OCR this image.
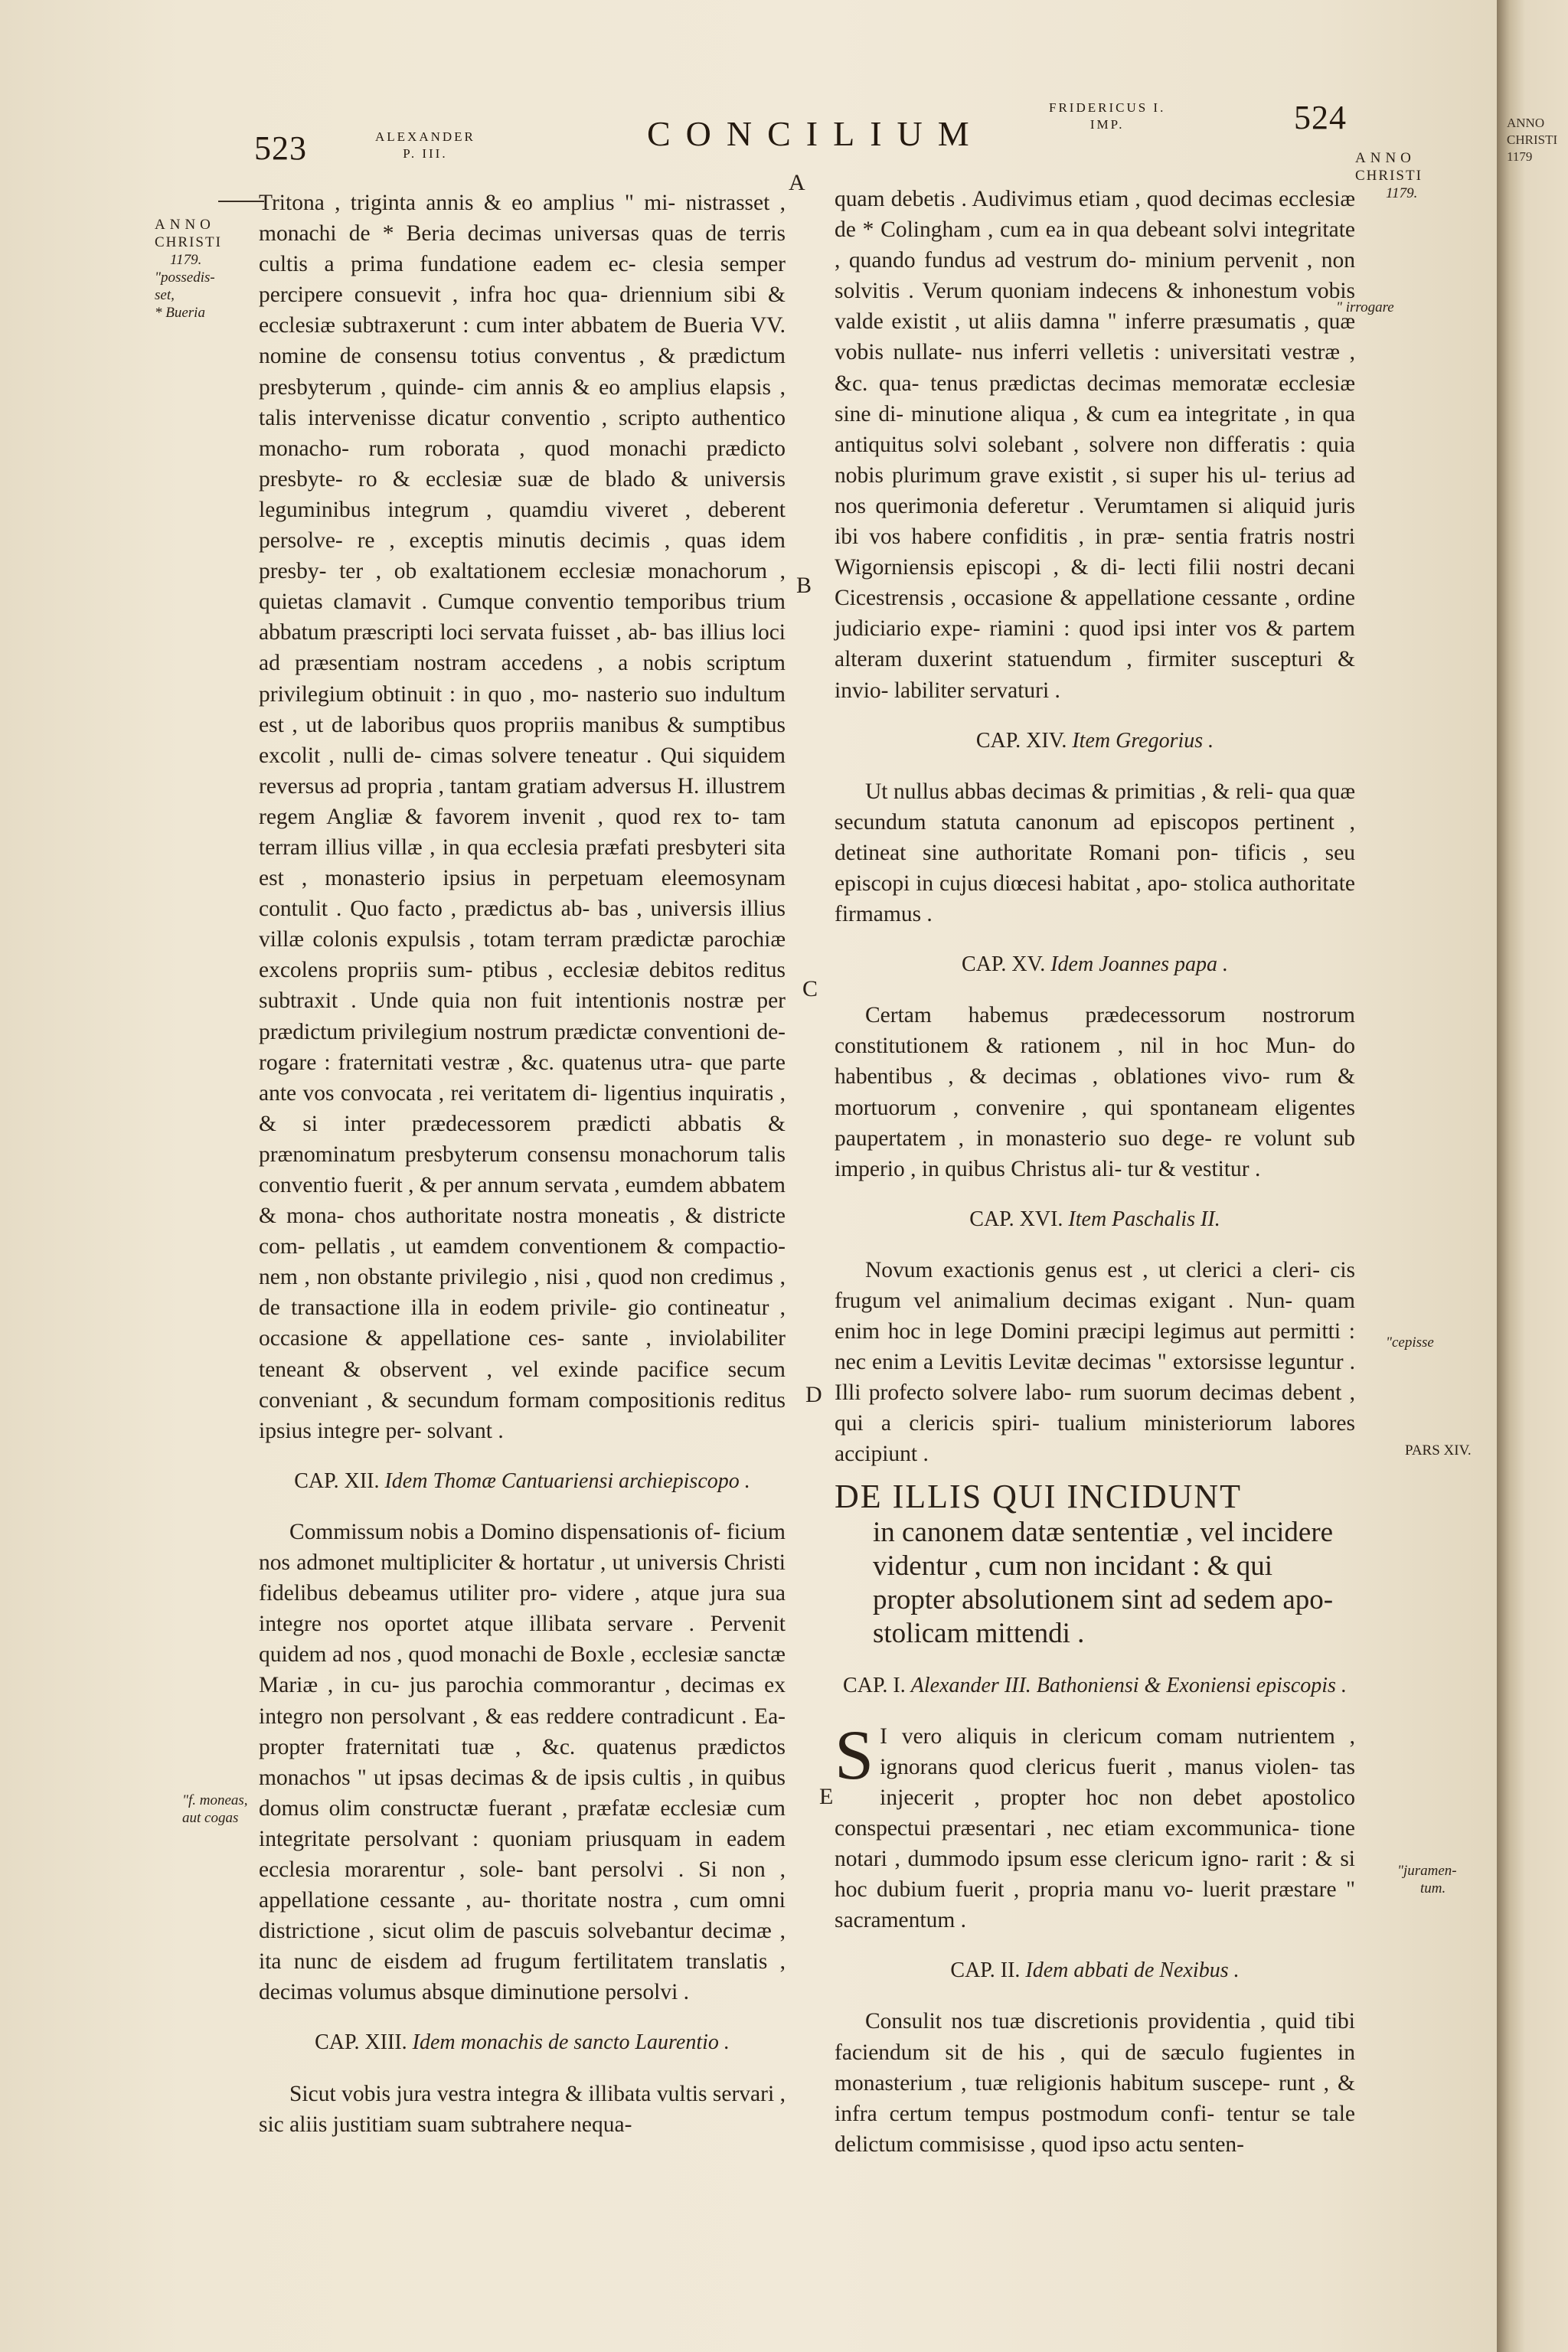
ANNO
CHRISTI
1179
523	ALEXANDER
P. III.
CONCILIUM
FRIDERICUS I.
IMP.	524
ANNO
CHRISTI
1179.
"possedis-
set,
* Bueria
"f. moneas,
aut cogas
ANNO
CHRISTI
1179.
" irrogare
"cepisse
PARS XIV.
"juramen-
tum.
A
B
C
D
E

Tritona , triginta annis & eo amplius " mi- nistrasset , monachi de * Beria decimas universas quas de terris cultis a prima fundatione eadem ec- clesia semper percipere consuevit , infra hoc qua- driennium sibi & ecclesiæ subtraxerunt : cum inter abbatem de Bueria VV. nomine de consensu totius conventus , & prædictum presbyterum , quinde- cim annis & eo amplius elapsis , talis intervenisse dicatur conventio , scripto authentico monacho- rum roborata , quod monachi prædicto presbyte- ro & ecclesiæ suæ de blado & universis leguminibus integrum , quamdiu viveret , deberent persolve- re , exceptis minutis decimis , quas idem presby- ter , ob exaltationem ecclesiæ monachorum , quietas clamavit . Cumque conventio temporibus trium abbatum præscripti loci servata fuisset , ab- bas illius loci ad præsentiam nostram accedens , a nobis scriptum privilegium obtinuit : in quo , mo- nasterio suo indultum est , ut de laboribus quos propriis manibus & sumptibus excolit , nulli de- cimas solvere teneatur . Qui siquidem reversus ad propria , tantam gratiam adversus H. illustrem regem Angliæ & favorem invenit , quod rex to- tam terram illius villæ , in qua ecclesia præfati presbyteri sita est , monasterio ipsius in perpetuam eleemosynam contulit . Quo facto , prædictus ab- bas , universis illius villæ colonis expulsis , totam terram prædictæ parochiæ excolens propriis sum- ptibus , ecclesiæ debitos reditus subtraxit . Unde quia non fuit intentionis nostræ per prædictum privilegium nostrum prædictæ conventioni de- rogare : fraternitati vestræ , &c. quatenus utra- que parte ante vos convocata , rei veritatem di- ligentius inquiratis , & si inter prædecessorem prædicti abbatis & prænominatum presbyterum consensu monachorum talis conventio fuerit , & per annum servata , eumdem abbatem & mona- chos authoritate nostra moneatis , & districte com- pellatis , ut eamdem conventionem & compactio- nem , non obstante privilegio , nisi , quod non credimus , de transactione illa in eodem privile- gio contineatur , occasione & appellatione ces- sante , inviolabiliter teneant & observent , vel exinde pacifice secum conveniant , & secundum formam compositionis reditus ipsius integre per- solvant .

CAP. XII. Idem Thomæ Cantuariensi archiepiscopo .

Commissum nobis a Domino dispensationis of- ficium nos admonet multipliciter & hortatur , ut universis Christi fidelibus debeamus utiliter pro- videre , atque jura sua integre nos oportet atque illibata servare . Pervenit quidem ad nos , quod monachi de Boxle , ecclesiæ sanctæ Mariæ , in cu- jus parochia commorantur , decimas ex integro non persolvant , & eas reddere contradicunt . Ea- propter fraternitati tuæ , &c. quatenus prædictos monachos " ut ipsas decimas & de ipsis cultis , in quibus domus olim constructæ fuerant , præfatæ ecclesiæ cum integritate persolvant : quoniam priusquam in eadem ecclesia morarentur , sole- bant persolvi . Si non , appellatione cessante , au- thoritate nostra , cum omni districtione , sicut olim de pascuis solvebantur decimæ , ita nunc de eisdem ad frugum fertilitatem translatis , decimas volumus absque diminutione persolvi .

CAP. XIII. Idem monachis de sancto Laurentio .

Sicut vobis jura vestra integra & illibata vultis servari , sic aliis justitiam suam subtrahere nequa-

quam debetis . Audivimus etiam , quod decimas ecclesiæ de * Colingham , cum ea in qua debeant solvi integritate , quando fundus ad vestrum do- minium pervenit , non solvitis . Verum quoniam indecens & inhonestum vobis valde existit , ut aliis damna " inferre præsumatis , quæ vobis nullate- nus inferri velletis : universitati vestræ , &c. qua- tenus prædictas decimas memoratæ ecclesiæ sine di- minutione aliqua , & cum ea integritate , in qua antiquitus solvi solebant , solvere non differatis : quia nobis plurimum grave existit , si super his ul- terius ad nos querimonia deferetur . Verumtamen si aliquid juris ibi vos habere confiditis , in præ- sentia fratris nostri Wigorniensis episcopi , & di- lecti filii nostri decani Cicestrensis , occasione & appellatione cessante , ordine judiciario expe- riamini : quod ipsi inter vos & partem alteram duxerint statuendum , firmiter suscepturi & invio- labiliter servaturi .

CAP. XIV. Item Gregorius .

Ut nullus abbas decimas & primitias , & reli- qua quæ secundum statuta canonum ad episcopos pertinent , detineat sine authoritate Romani pon- tificis , seu episcopi in cujus diœcesi habitat , apo- stolica authoritate firmamus .

CAP. XV. Idem Joannes papa .

Certam habemus prædecessorum nostrorum constitutionem & rationem , nil in hoc Mun- do habentibus , & decimas , oblationes vivo- rum & mortuorum , convenire , qui spontaneam eligentes paupertatem , in monasterio suo dege- re volunt sub imperio , in quibus Christus ali- tur & vestitur .

CAP. XVI. Item Paschalis II.

Novum exactionis genus est , ut clerici a cleri- cis frugum vel animalium decimas exigant . Nun- quam enim hoc in lege Domini præcipi legimus aut permitti : nec enim a Levitis Levitæ decimas " extorsisse leguntur . Illi profecto solvere labo- rum suorum decimas debent , qui a clericis spiri- tualium ministeriorum labores accipiunt .

DE ILLIS QUI INCIDUNT
in canonem datæ sententiæ , vel incidere videntur , cum non incidant : & qui propter absolutionem sint ad sedem apo- stolicam mittendi .
CAP. I. Alexander III. Bathoniensi & Exoniensi episcopis .

S I vero aliquis in clericum comam nutrientem , ignorans quod clericus fuerit , manus violen- tas injecerit , propter hoc non debet apostolico conspectui præsentari , nec etiam excommunica- tione notari , dummodo ipsum esse clericum igno- rarit : & si hoc dubium fuerit , propria manu vo- luerit præstare " sacramentum .

CAP. II. Idem abbati de Nexibus .

Consulit nos tuæ discretionis providentia , quid tibi faciendum sit de his , qui de sæculo fugientes in monasterium , tuæ religionis habitum suscepe- runt , & infra certum tempus postmodum confi- tentur se tale delictum commisisse , quod ipso actu senten-
